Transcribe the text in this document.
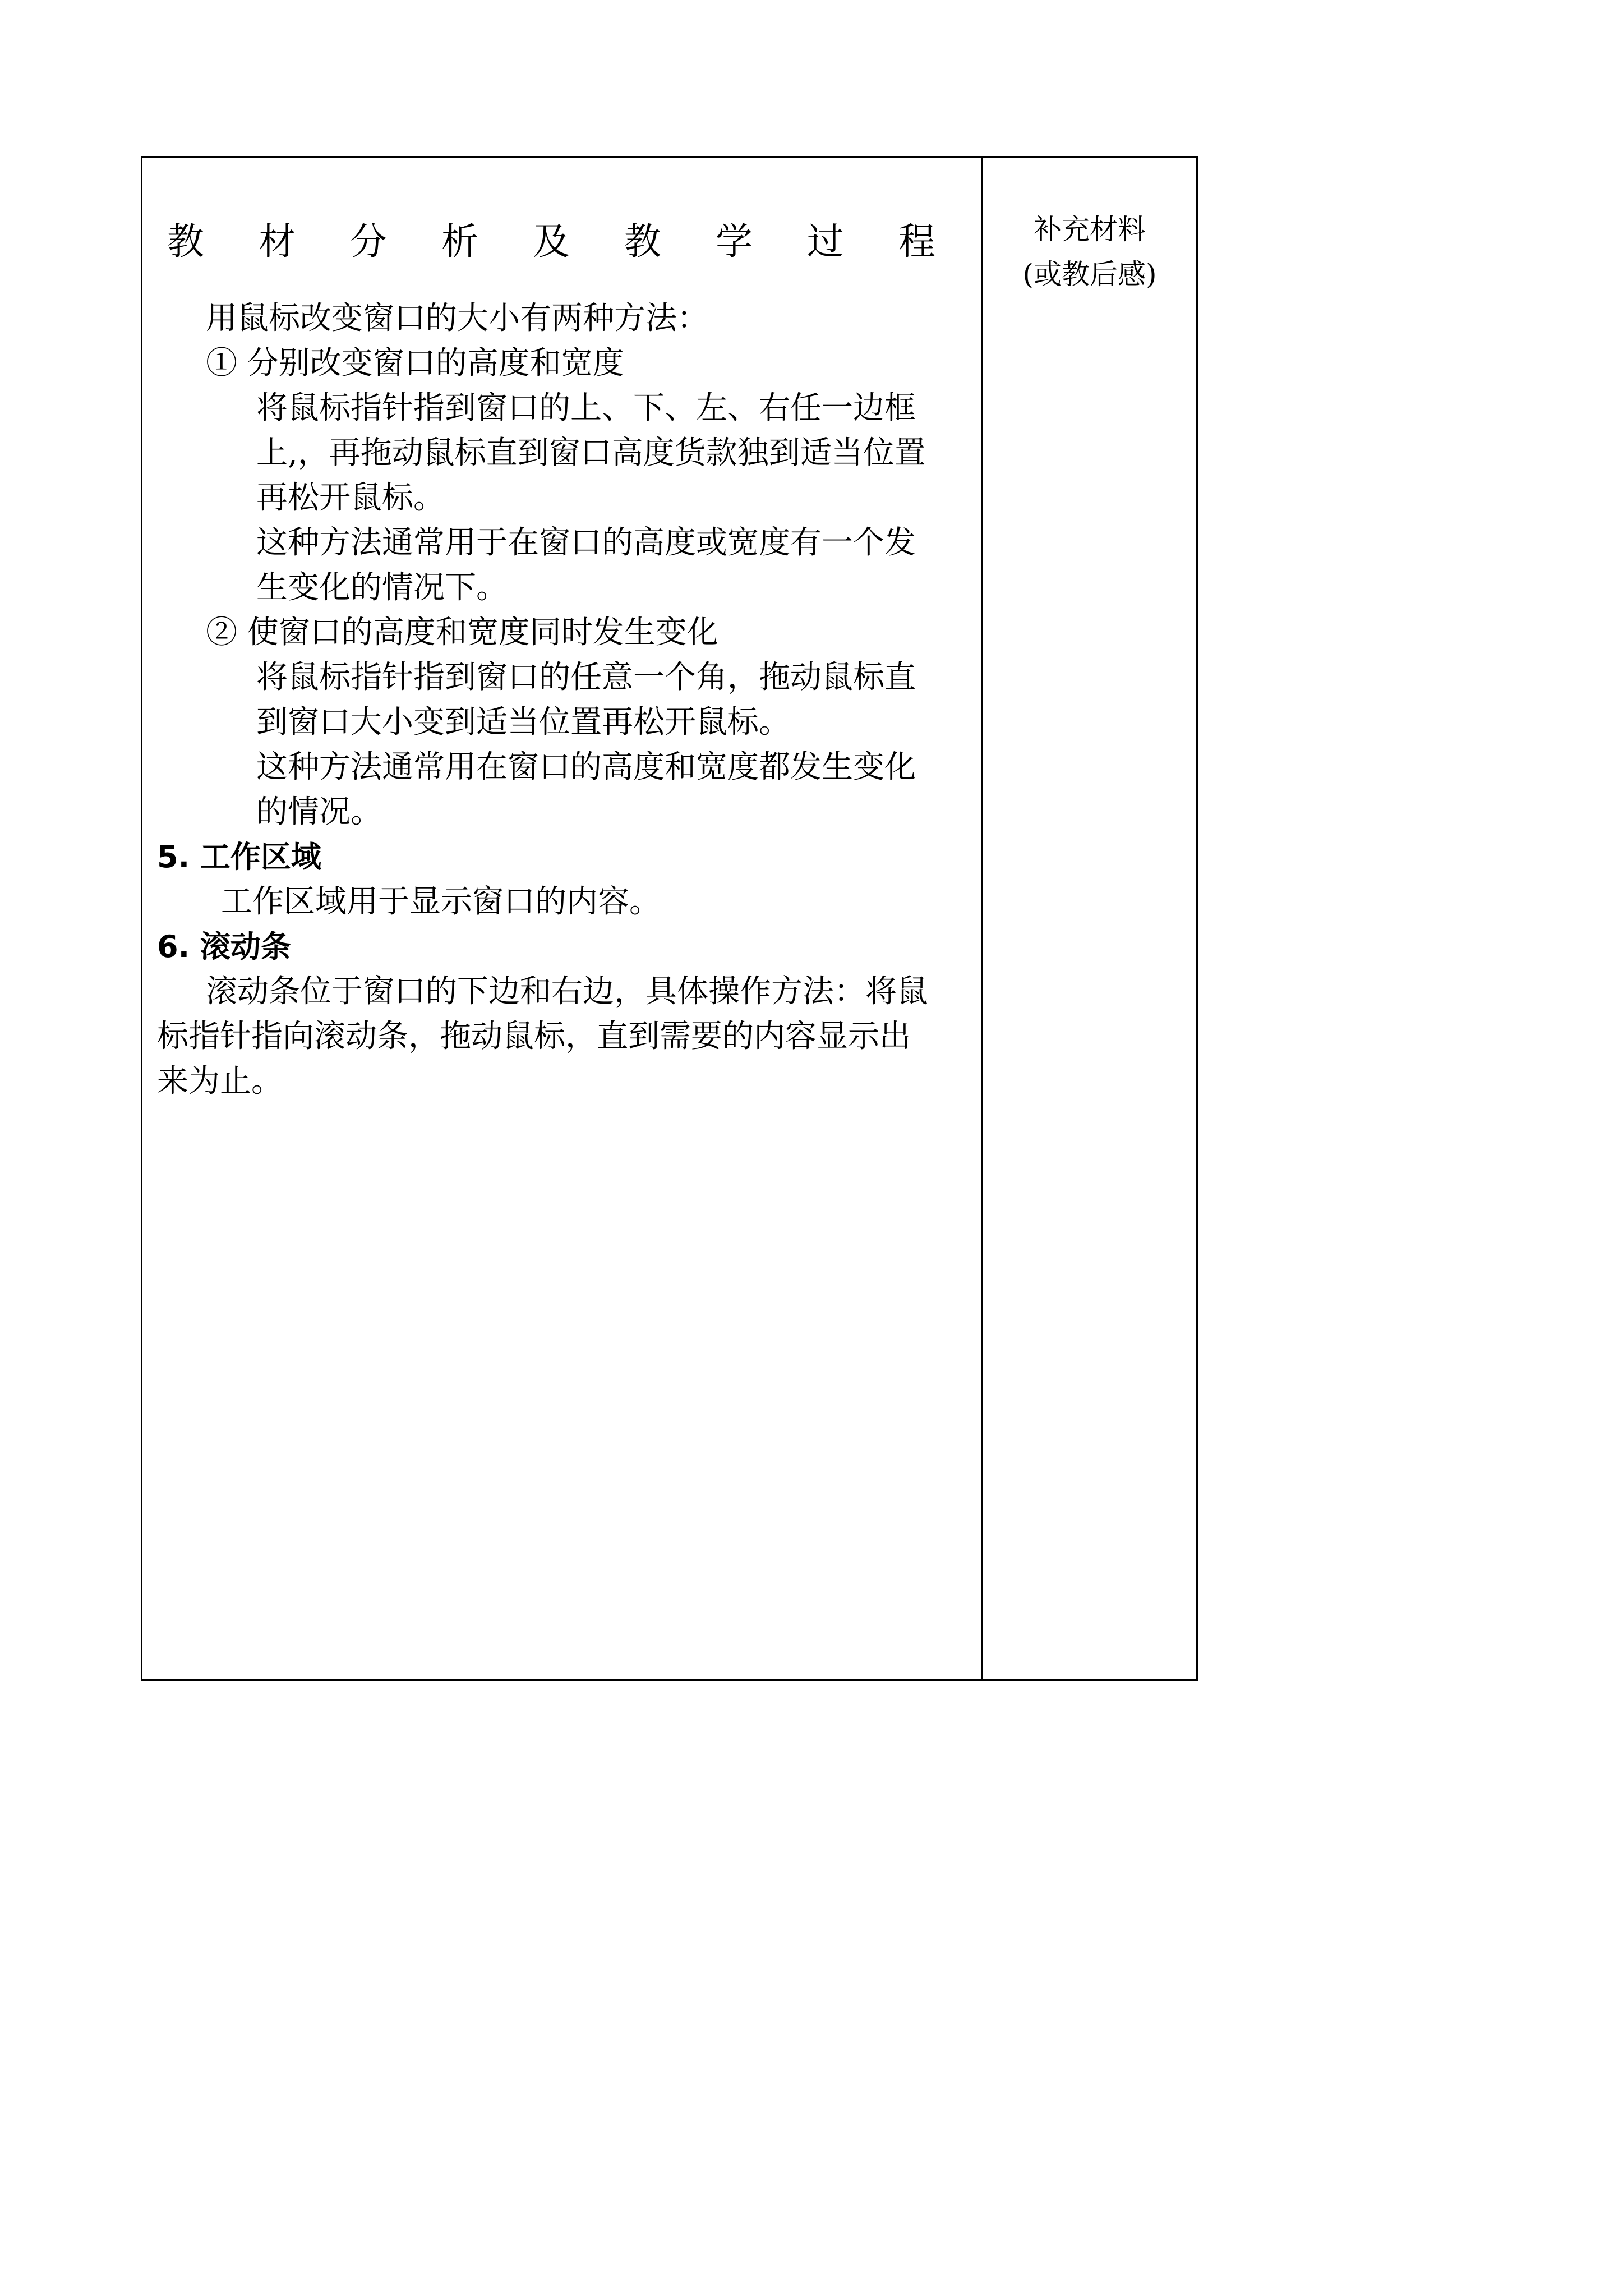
教 材 分 析 及 教 学 过 程
用鼠标改变窗口的大小有两种方法：
① 分别改变窗口的高度和宽度
将鼠标指针指到窗口的上、下、左、右任一边框
上,，再拖动鼠标直到窗口高度货款独到适当位置
再松开鼠标。
这种方法通常用于在窗口的高度或宽度有一个发
生变化的情况下。
② 使窗口的高度和宽度同时发生变化
将鼠标指针指到窗口的任意一个角，拖动鼠标直
到窗口大小变到适当位置再松开鼠标。
这种方法通常用在窗口的高度和宽度都发生变化
的情况。
5. 工作区域
工作区域用于显示窗口的内容。
6. 滚动条
滚动条位于窗口的下边和右边，具体操作方法：将鼠
标指针指向滚动条，拖动鼠标，直到需要的内容显示出
来为止。
补充材料
(或教后感)
